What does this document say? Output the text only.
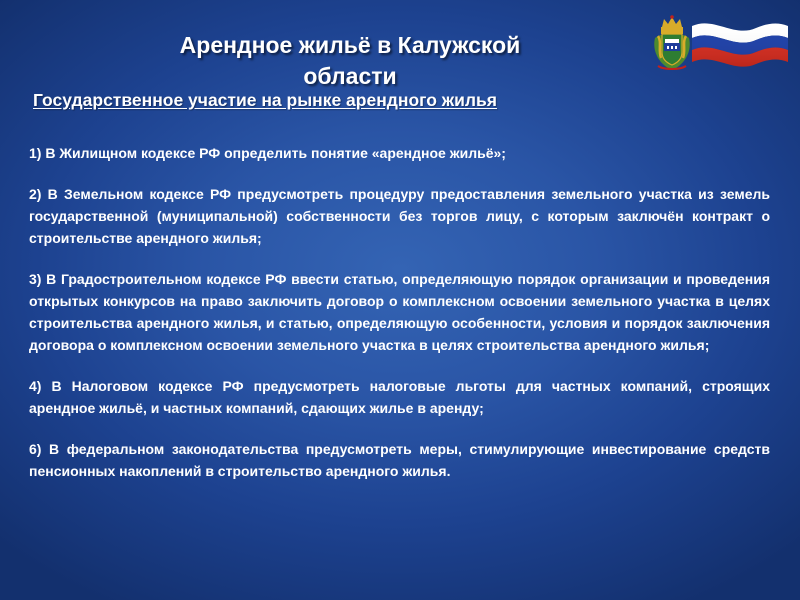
Арендное жильё в Калужской области
Государственное участие на рынке арендного жилья

1) В Жилищном кодексе РФ определить понятие «арендное жильё»;

2) В Земельном кодексе РФ предусмотреть процедуру предоставления земельного участка из земель государственной (муниципальной) собственности без торгов лицу, с которым заключён контракт о строительстве арендного жилья;

3) В Градостроительном кодексе РФ ввести статью, определяющую порядок организации и проведения открытых конкурсов на право заключить договор о комплексном освоении земельного участка в целях строительства арендного жилья, и статью, определяющую особенности, условия и порядок заключения договора о комплексном освоении земельного участка в целях строительства арендного жилья;

4) В Налоговом кодексе РФ предусмотреть налоговые льготы для частных компаний, строящих арендное жильё, и частных компаний, сдающих жилье в аренду;

6) В федеральном законодательства предусмотреть меры, стимулирующие инвестирование средств пенсионных накоплений в строительство арендного жилья.
